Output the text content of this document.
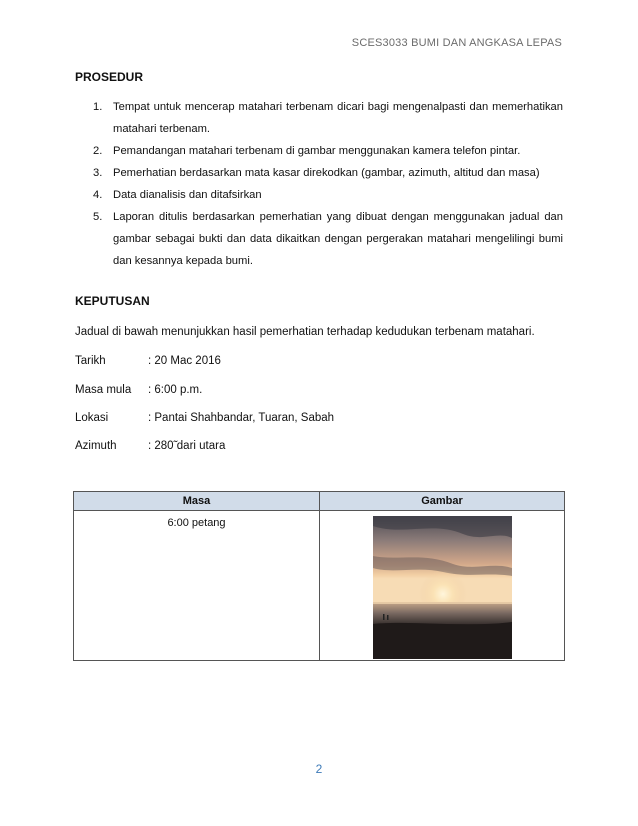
SCES3033 BUMI DAN ANGKASA LEPAS
PROSEDUR
1. Tempat untuk mencerap matahari terbenam dicari bagi mengenalpasti dan memerhatikan matahari terbenam.
2. Pemandangan matahari terbenam di gambar menggunakan kamera telefon pintar.
3. Pemerhatian berdasarkan mata kasar direkodkan (gambar, azimuth, altitud dan masa)
4. Data dianalisis dan ditafsirkan
5. Laporan ditulis berdasarkan pemerhatian yang dibuat dengan menggunakan jadual dan gambar sebagai bukti dan data dikaitkan dengan pergerakan matahari mengelilingi bumi dan kesannya kepada bumi.
KEPUTUSAN
Jadual di bawah menunjukkan hasil pemerhatian terhadap kedudukan terbenam matahari.
Tarikh	: 20 Mac 2016
Masa mula	: 6:00 p.m.
Lokasi	: Pantai Shahbandar, Tuaran, Sabah
Azimuth	: 280̃ dari utara
Masa	Gambar

6:00 petang

2
